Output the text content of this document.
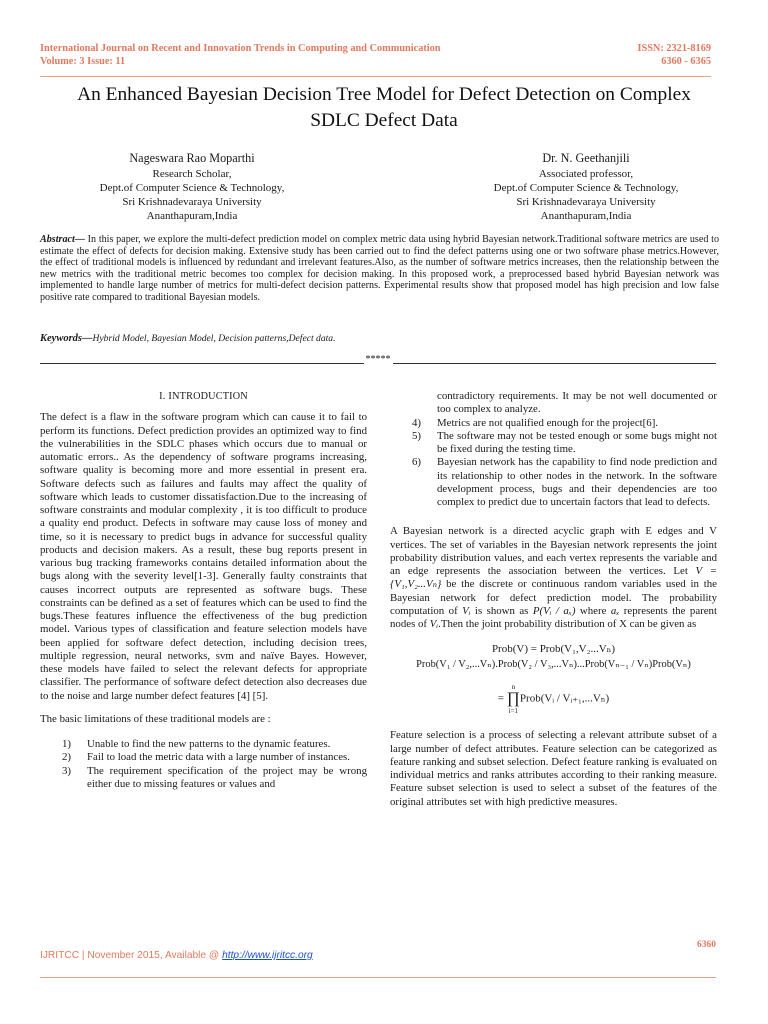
International Journal on Recent and Innovation Trends in Computing and Communication	ISSN: 2321-8169
Volume: 3 Issue: 11	6360 - 6365
An Enhanced Bayesian Decision Tree Model for Defect Detection on Complex
SDLC Defect Data
Nageswara Rao Moparthi
Research Scholar,
Dept.of Computer Science & Technology,
Sri Krishnadevaraya University
Ananthapuram,India
Dr. N. Geethanjili
Associated professor,
Dept.of Computer Science & Technology,
Sri Krishnadevaraya University
Ananthapuram,India
Abstract— In this paper, we explore the multi-defect prediction model on complex metric data using hybrid Bayesian network.Traditional software metrics are used to estimate the effect of defects for decision making. Extensive study has been carried out to find the defect patterns using one or two software phase metrics.However, the effect of traditional models is influenced by redundant and irrelevant features.Also, as the number of software metrics increases, then the relationship between the new metrics with the traditional metric becomes too complex for decision making. In this proposed work, a preprocessed based hybrid Bayesian network was implemented to handle large number of metrics for multi-defect decision patterns. Experimental results show that proposed model has high precision and low false positive rate compared to traditional Bayesian models.
Keywords—Hybrid Model, Bayesian Model, Decision patterns,Defect data.
*****
I. INTRODUCTION
The defect is a flaw in the software program which can cause it to fail to perform its functions. Defect prediction provides an optimized way to find the vulnerabilities in the SDLC phases which occurs due to manual or automatic errors.. As the dependency of software programs increasing, software quality is becoming more and more essential in present era. Software defects such as failures and faults may affect the quality of software which leads to customer dissatisfaction.Due to the increasing of software constraints and modular complexity , it is too difficult to produce a quality end product. Defects in software may cause loss of money and time, so it is necessary to predict bugs in advance for successful quality products and decision makers. As a result, these bug reports present in various bug tracking frameworks contains detailed information about the bugs along with the severity level[1-3]. Generally faulty constraints that causes incorrect outputs are represented as software bugs. These constraints can be defined as a set of features which can be used to find the bugs.These features influence the effectiveness of the bug prediction model. Various types of classification and feature selection models have been applied for software defect detection, including decision trees, multiple regression, neural networks, svm and naïve Bayes. However, these models have failed to select the relevant defects for appropriate classifier. The performance of software defect detection also decreases due to the noise and large number defect features [4] [5].
The basic limitations of these traditional models are :
1)	Unable to find the new patterns to the dynamic features.
2)	Fail to load the metric data with a large number of instances.
3)	The requirement specification of the project may be wrong either due to missing features or values and
contradictory requirements. It may be not well documented or too complex to analyze.
4)	Metrics are not qualified enough for the project[6].
5)	The software may not be tested enough or some bugs might not be fixed during the testing time.
6)	Bayesian network has the capability to find node prediction and its relationship to other nodes in the network. In the software development process, bugs and their dependencies are too complex to predict due to uncertain factors that lead to defects.
A Bayesian network is a directed acyclic graph with E edges and V vertices. The set of variables in the Bayesian network represents the joint probability distribution values, and each vertex represents the variable and an edge represents the association between the vertices. Let V = {V₁,V₂...Vₙ} be the discrete or continuous random variables used in the Bayesian network for defect prediction model. The probability computation of Vᵢ is shown as P(Vᵢ / aₓ) where aₓ represents the parent nodes of Vᵢ.Then the joint probability distribution of X can be given as
Prob(V) = Prob(V₁,V₂...Vₙ)
Prob(V₁ / V₂,...Vₙ).Prob(V₂ / V₃,...Vₙ)...Prob(Vₙ₋₁ / Vₙ)Prob(Vₙ)
=
n
∏
i=1
Prob(Vᵢ / Vᵢ₊₁,...Vₙ)
Feature selection is a process of selecting a relevant attribute subset of a large number of defect attributes. Feature selection can be categorized as feature ranking and subset selection. Defect feature ranking is evaluated on individual metrics and ranks attributes according to their ranking measure. Feature subset selection is used to select a subset of the features of the original attributes set with high predictive measures.
6360
IJRITCC | November 2015, Available @ http://www.ijritcc.org
